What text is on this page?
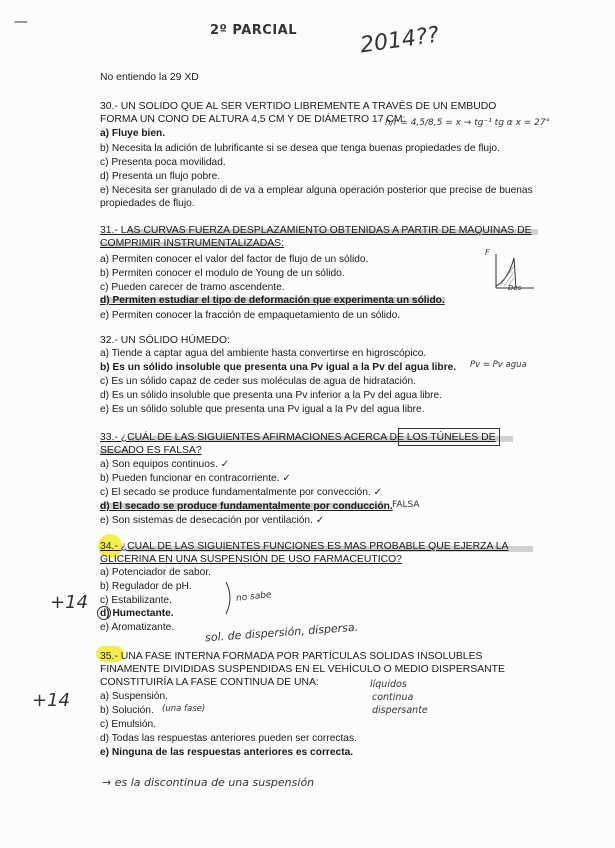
—
2º PARCIAL	2014??
No entiendo la 29 XD
30.- UN SOLIDO QUE AL SER VERTIDO LIBREMENTE A TRAVÉS DE UN EMBUDO FORMA UN CONO DE ALTURA 4,5 CM Y DE DIÁMETRO 17 CM:
h/r = 4,5/8,5 = x → tg⁻¹ tg α x = 27°
a) Fluye bien.
b) Necesita la adición de lubrificante si se desea que tenga buenas propiedades de flujo.
c) Presenta poca movilidad.
d) Presenta un flujo pobre.
e) Necesita ser granulado di de va a emplear alguna operación posterior que precise de buenas
propiedades de flujo.
31.- LAS CURVAS FUERZA DESPLAZAMIENTO OBTENIDAS A PARTIR DE MAQUINAS DE COMPRIMIR INSTRUMENTALIZADAS:
a) Permiten conocer el valor del factor de flujo de un sólido.
b) Permiten conocer el modulo de Young de un sólido.
c) Pueden carecer de tramo ascendente.
d) Permiten estudiar el tipo de deformación que experimenta un sólido.
e) Permiten conocer la fracción de empaquetamiento de un sólido.
F
Des
32.- UN SÓLIDO HÚMEDO:
a) Tiende a captar agua del ambiente hasta convertirse en higroscópico.
b) Es un sólido insoluble que presenta una Pv igual a la Pv del agua libre.
c) Es un sólido capaz de ceder sus moléculas de agua de hidratación.
d) Es un sólido insoluble que presenta una Pv inferior a la Pv del agua libre.
e) Es un sólido soluble que presenta una Pv igual a la Pv del agua libre.
Pv = Pv agua
33.- ¿CUÁL DE LAS SIGUIENTES AFIRMACIONES ACERCA DE LOS TÚNELES DE SECADO ES FALSA?
a) Son equipos continuos. ✓
b) Pueden funcionar en contracorriente. ✓
c) El secado se produce fundamentalmente por convección. ✓
d) El secado se produce fundamentalmente por conducción. FALSA
e) Son sistemas de desecación por ventilación. ✓
34.- ¿CUAL DE LAS SIGUIENTES FUNCIONES ES MAS PROBABLE QUE EJERZA LA GLICERINA EN UNA SUSPENSIÓN DE USO FARMACEUTICO?
a) Potenciador de sabor.
b) Regulador de pH.
c) Estabilizante.
d) Humectante.
e) Aromatizante.
+14	no sabe
sol. de dispersión, dispersa.
35.- UNA FASE INTERNA FORMADA POR PARTÍCULAS SOLIDAS INSOLUBLES FINAMENTE DIVIDIDAS SUSPENDIDAS EN EL VEHÍCULO O MEDIO DISPERSANTE CONSTITUIRÍA LA FASE CONTINUA DE UNA:
a) Suspensión.
b) Solución. (una fase)
c) Emulsión.
d) Todas las respuestas anteriores pueden ser correctas.
e) Ninguna de las respuestas anteriores es correcta.
+14
líquidos
continua
dispersante
→ es la discontinua de una suspensión
